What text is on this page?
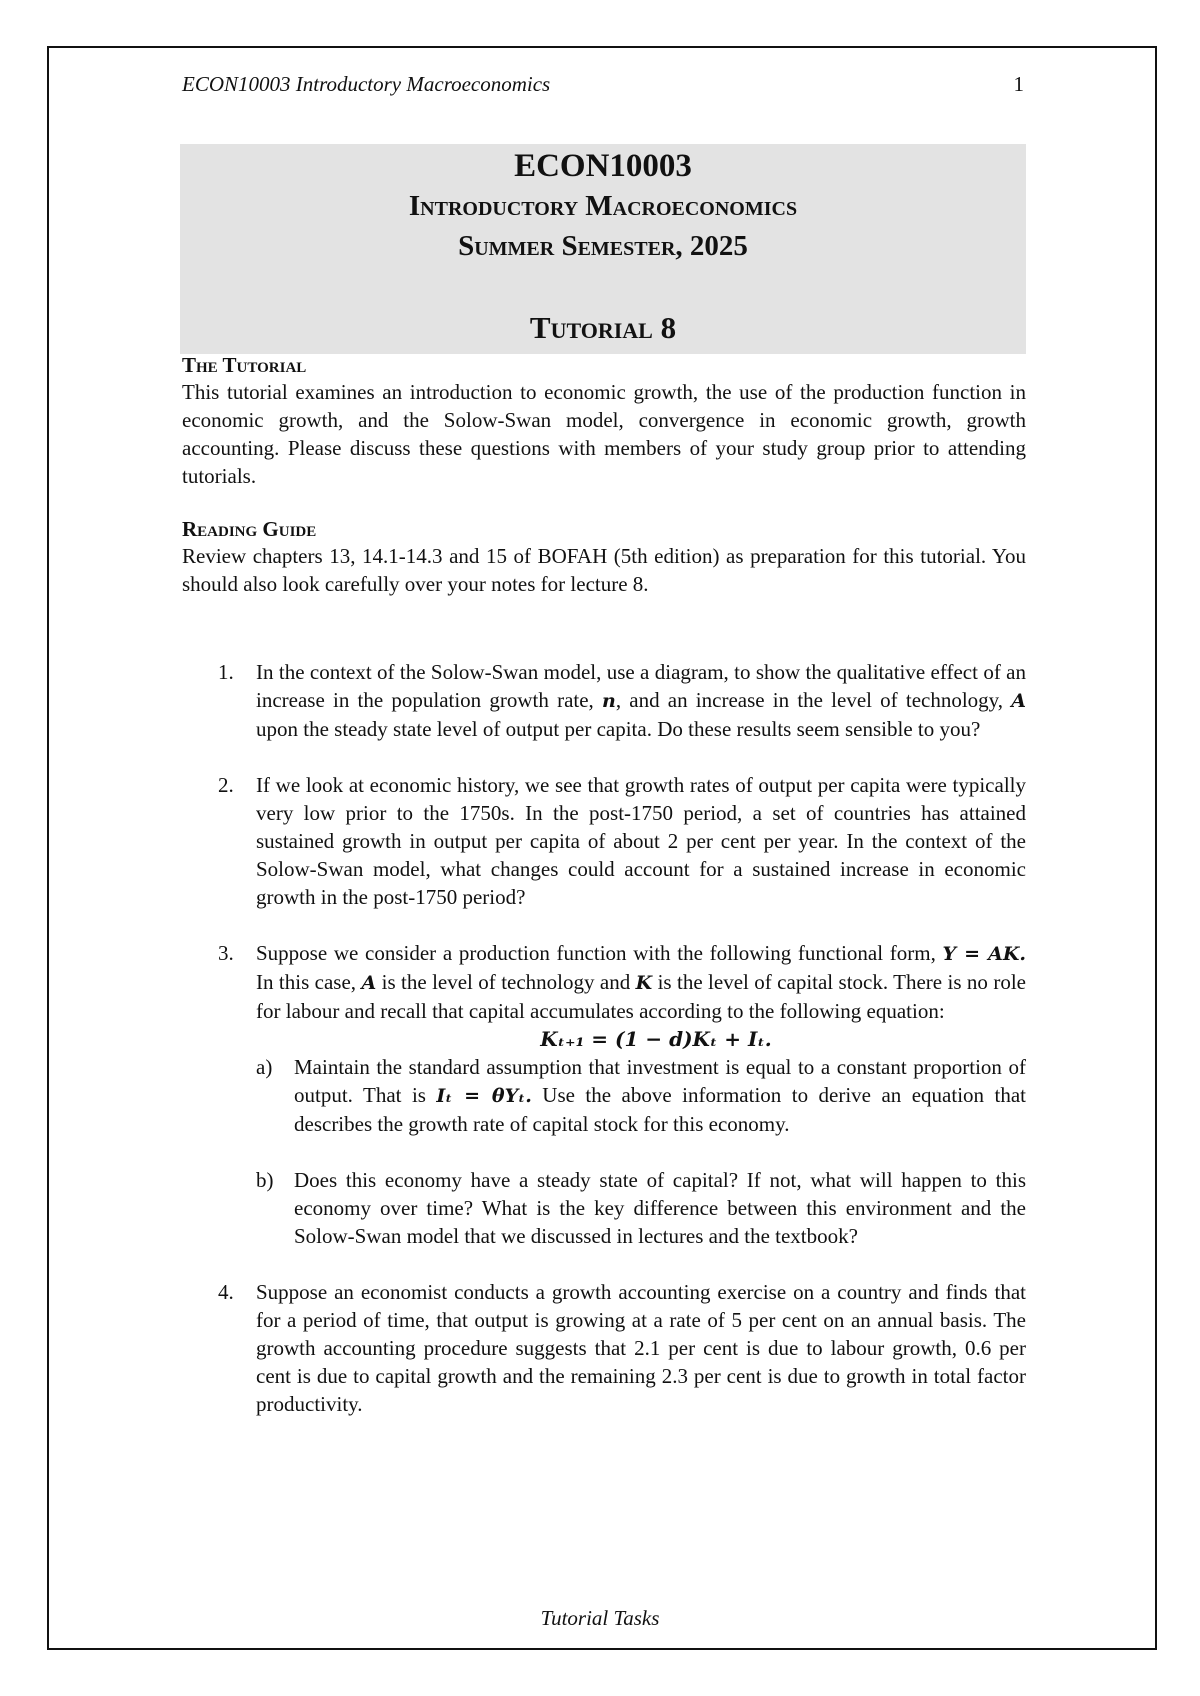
ECON10003 Introductory Macroeconomics	1
ECON10003
Introductory Macroeconomics
Summer Semester, 2025
Tutorial 8
The Tutorial

This tutorial examines an introduction to economic growth, the use of the production function in economic growth, and the Solow-Swan model, convergence in economic growth, growth accounting. Please discuss these questions with members of your study group prior to attending tutorials.

Reading Guide

Review chapters 13, 14.1-14.3 and 15 of BOFAH (5th edition) as preparation for this tutorial. You should also look carefully over your notes for lecture 8.

1. In the context of the Solow-Swan model, use a diagram, to show the qualitative effect of an increase in the population growth rate, n, and an increase in the level of technology, A upon the steady state level of output per capita. Do these results seem sensible to you?
2. If we look at economic history, we see that growth rates of output per capita were typically very low prior to the 1750s. In the post-1750 period, a set of countries has attained sustained growth in output per capita of about 2 per cent per year. In the context of the Solow-Swan model, what changes could account for a sustained increase in economic growth in the post-1750 period?
3. Suppose we consider a production function with the following functional form, Y = AK. In this case, A is the level of technology and K is the level of capital stock. There is no role for labour and recall that capital accumulates according to the following equation:

Kₜ₊₁ = (1 − d)Kₜ + Iₜ.

a) Maintain the standard assumption that investment is equal to a constant proportion of output. That is Iₜ = θYₜ. Use the above information to derive an equation that describes the growth rate of capital stock for this economy.
b) Does this economy have a steady state of capital? If not, what will happen to this economy over time? What is the key difference between this environment and the Solow-Swan model that we discussed in lectures and the textbook?
4. Suppose an economist conducts a growth accounting exercise on a country and finds that for a period of time, that output is growing at a rate of 5 per cent on an annual basis. The growth accounting procedure suggests that 2.1 per cent is due to labour growth, 0.6 per cent is due to capital growth and the remaining 2.3 per cent is due to growth in total factor productivity.
Tutorial Tasks
